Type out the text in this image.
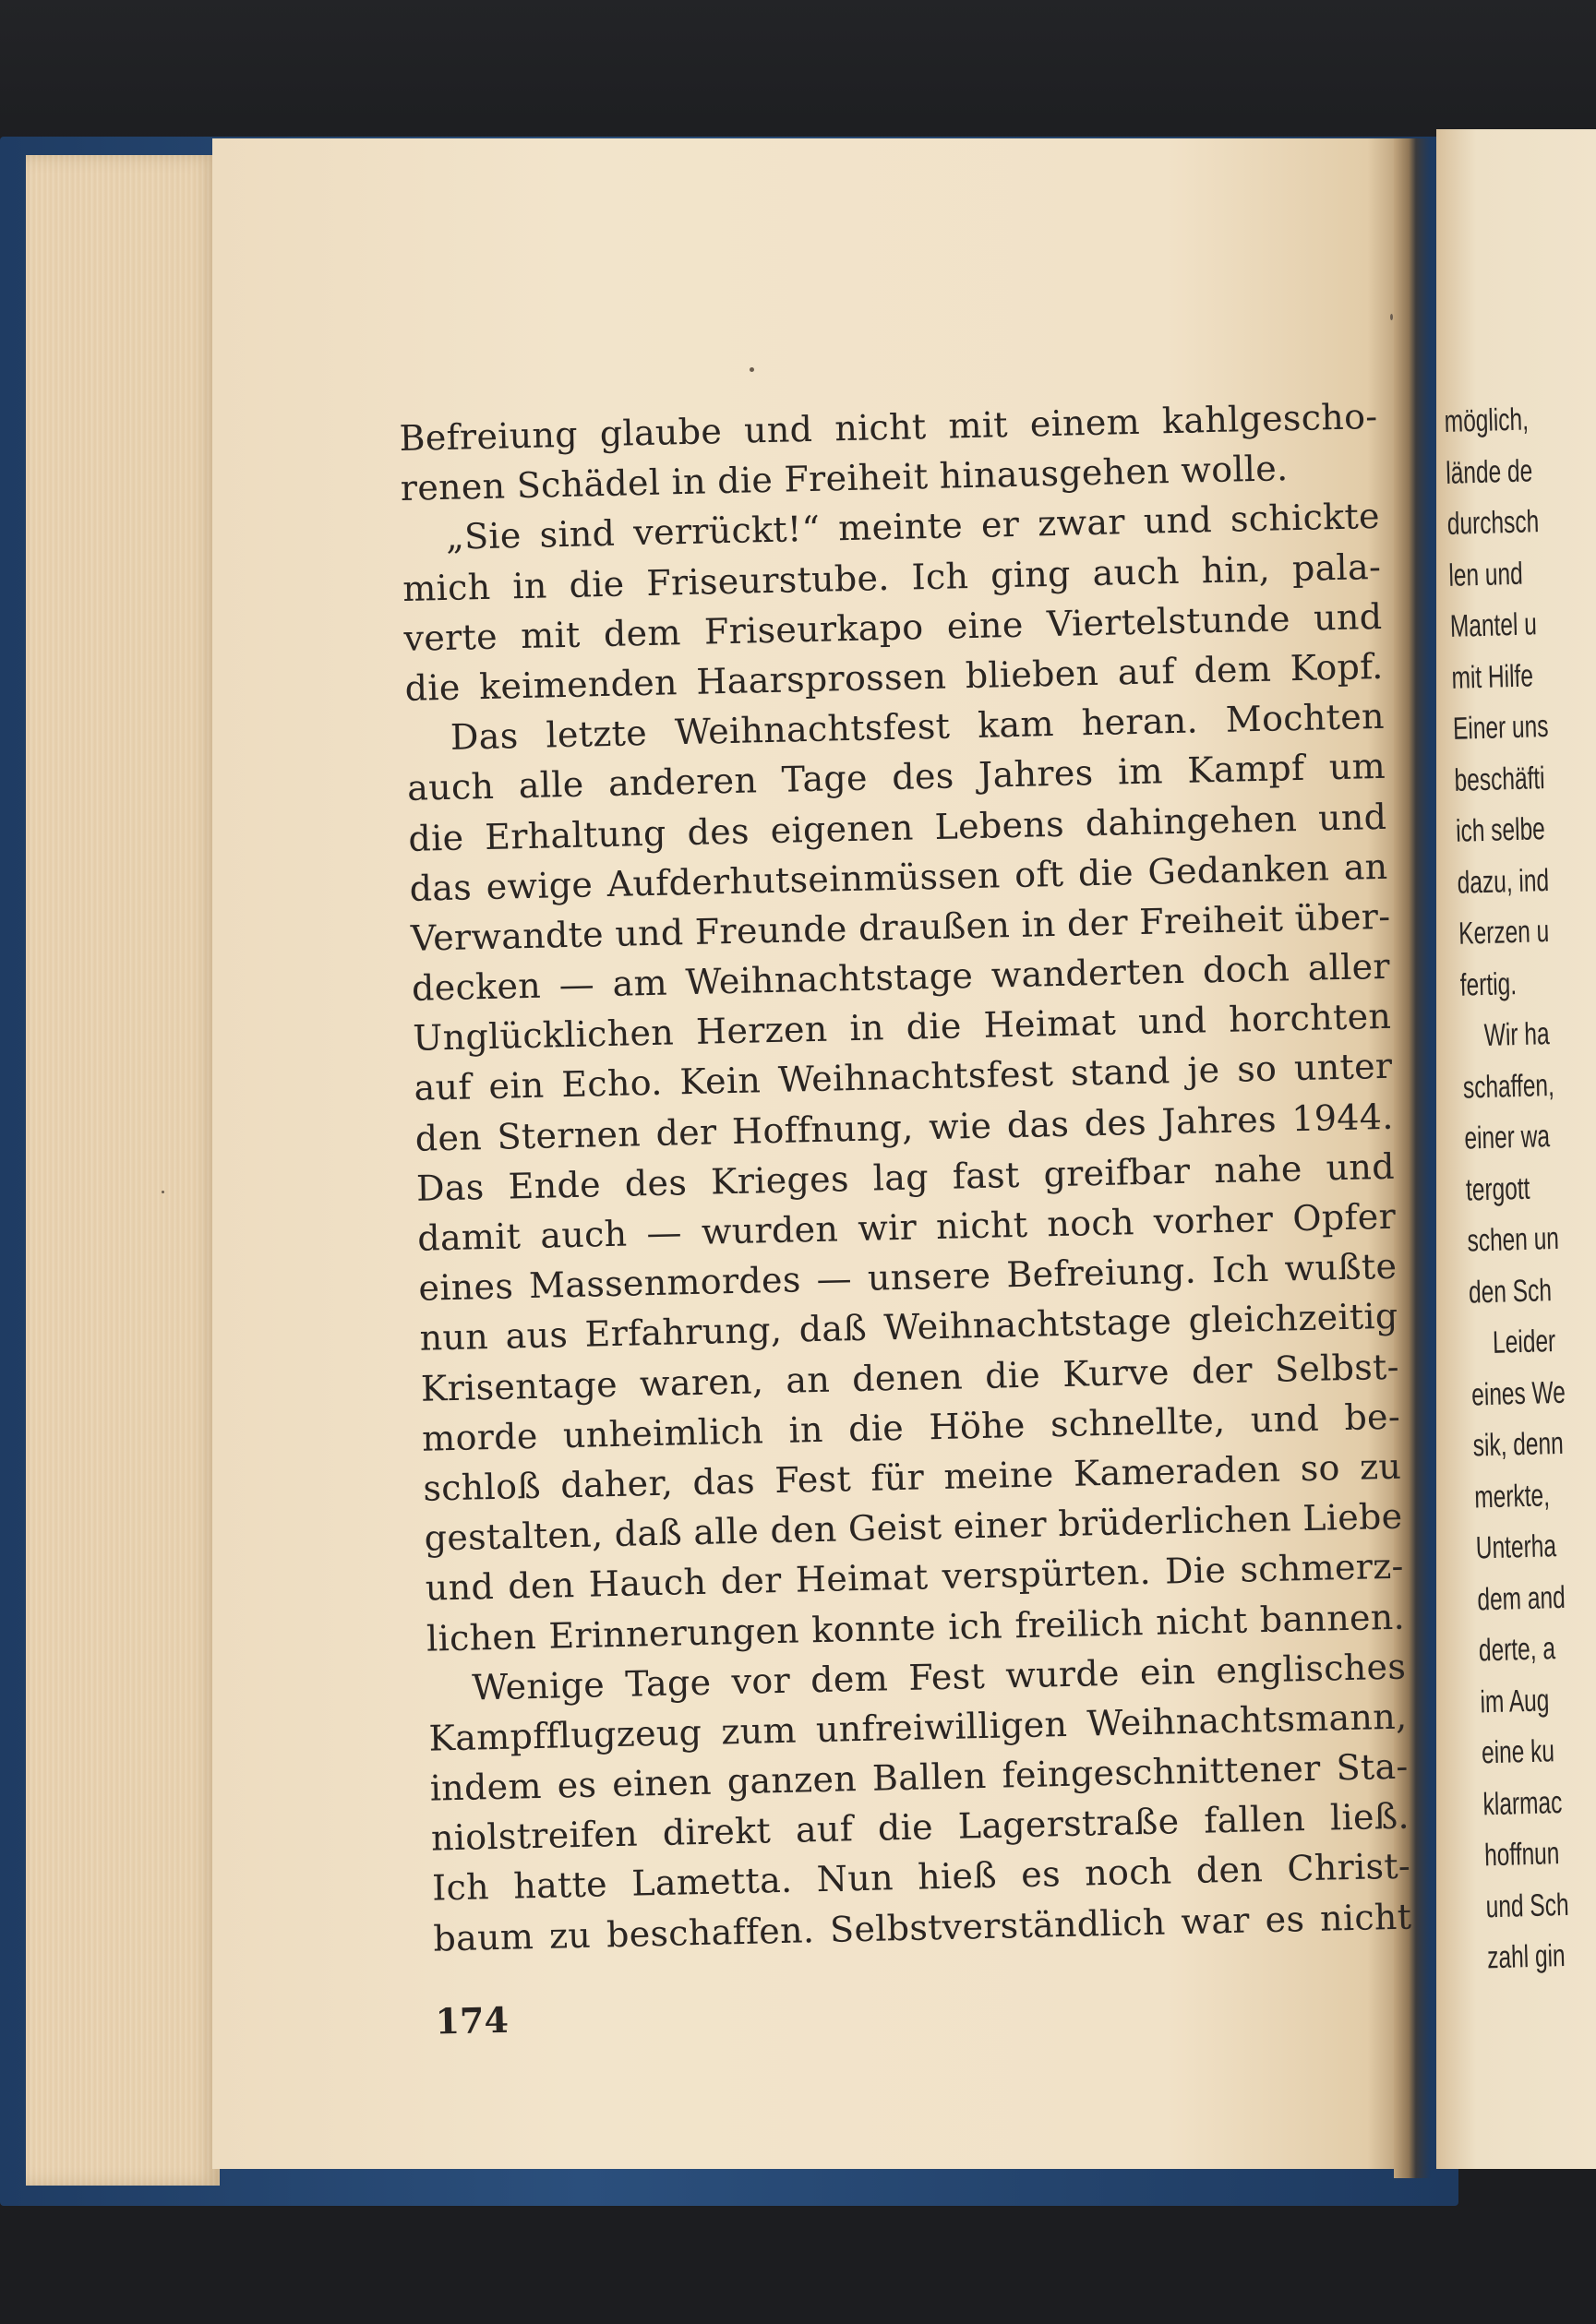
Befreiung glaube und nicht mit einem kahlgescho-
renen Schädel in die Freiheit hinausgehen wolle.
„Sie sind verrückt!“ meinte er zwar und schickte
mich in die Friseurstube. Ich ging auch hin, pala-
verte mit dem Friseurkapo eine Viertelstunde und
die keimenden Haarsprossen blieben auf dem Kopf.
Das letzte Weihnachtsfest kam heran. Mochten
auch alle anderen Tage des Jahres im Kampf um
die Erhaltung des eigenen Lebens dahingehen und
das ewige Aufderhutseinmüssen oft die Gedanken an
Verwandte und Freunde draußen in der Freiheit über-
decken — am Weihnachtstage wanderten doch aller
Unglücklichen Herzen in die Heimat und horchten
auf ein Echo. Kein Weihnachtsfest stand je so unter
den Sternen der Hoffnung, wie das des Jahres 1944.
Das Ende des Krieges lag fast greifbar nahe und
damit auch — wurden wir nicht noch vorher Opfer
eines Massenmordes — unsere Befreiung. Ich wußte
nun aus Erfahrung, daß Weihnachtstage gleichzeitig
Krisentage waren, an denen die Kurve der Selbst-
morde unheimlich in die Höhe schnellte, und be-
schloß daher, das Fest für meine Kameraden so zu
gestalten, daß alle den Geist einer brüderlichen Liebe
und den Hauch der Heimat verspürten. Die schmerz-
lichen Erinnerungen konnte ich freilich nicht bannen.
Wenige Tage vor dem Fest wurde ein englisches
Kampfflugzeug zum unfreiwilligen Weihnachtsmann,
indem es einen ganzen Ballen feingeschnittener Sta-
niolstreifen direkt auf die Lagerstraße fallen ließ.
Ich hatte Lametta. Nun hieß es noch den Christ-
baum zu beschaffen. Selbstverständlich war es nicht
174
möglich,
lände de
durchsch
len und
Mantel u
mit Hilfe
Einer uns
beschäfti
ich selbe
dazu, ind
Kerzen u
fertig.
Wir ha
schaffen,
einer wa
tergott
schen un
den Sch
Leider
eines We
sik, denn
merkte,
Unterha
dem and
derte, a
im Aug
eine ku
klarmac
hoffnun
und Sch
zahl gin
